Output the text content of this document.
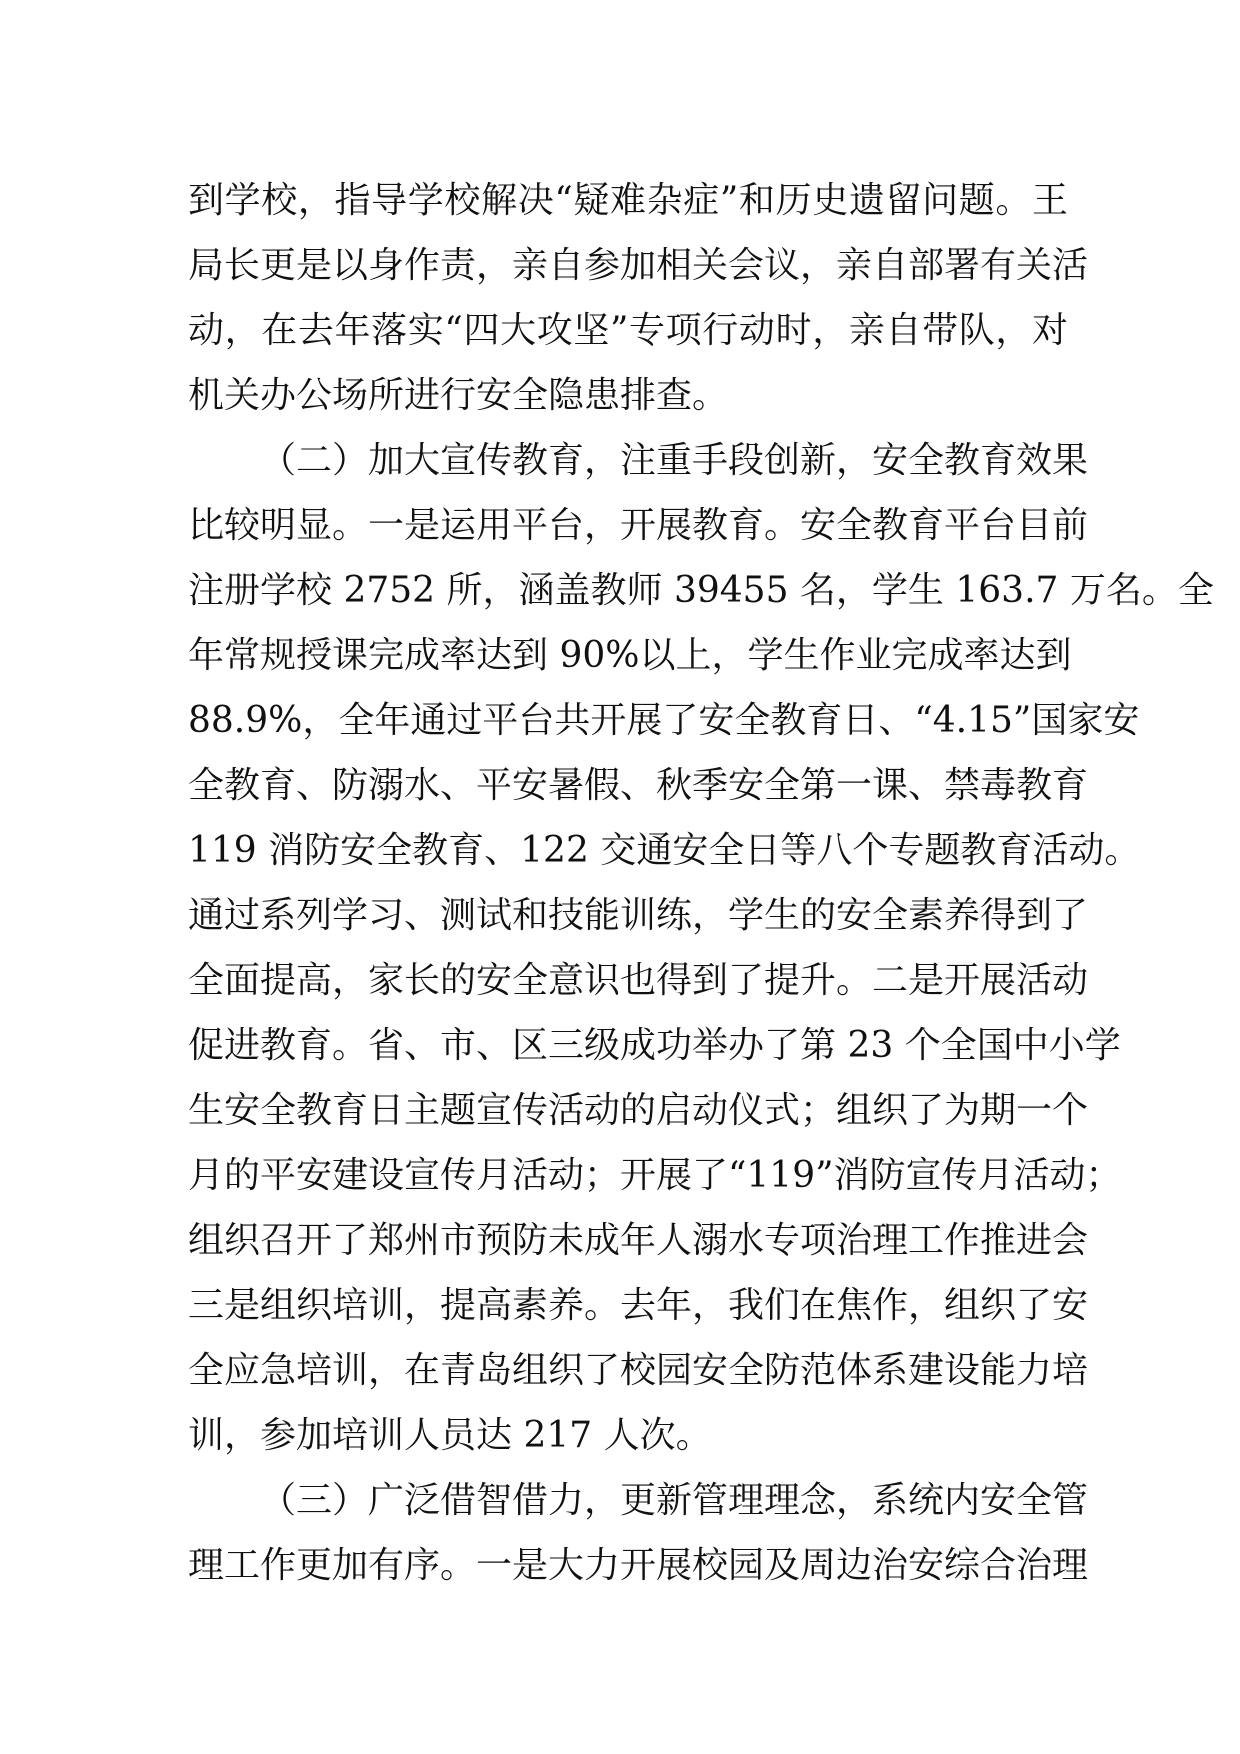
到学校，指导学校解决“疑难杂症”和历史遗留问题。王
局长更是以身作责，亲自参加相关会议，亲自部署有关活
动，在去年落实“四大攻坚”专项行动时，亲自带队，对
机关办公场所进行安全隐患排查。
（二）加大宣传教育，注重手段创新，安全教育效果
比较明显。一是运用平台，开展教育。安全教育平台目前
注册学校 2752 所，涵盖教师 39455 名，学生 163.7 万名。全
年常规授课完成率达到 90%以上，学生作业完成率达到
88.9%，全年通过平台共开展了安全教育日、“4.15”国家安
全教育、防溺水、平安暑假、秋季安全第一课、禁毒教育
119 消防安全教育、122 交通安全日等八个专题教育活动。
通过系列学习、测试和技能训练，学生的安全素养得到了
全面提高，家长的安全意识也得到了提升。二是开展活动
促进教育。省、市、区三级成功举办了第 23 个全国中小学
生安全教育日主题宣传活动的启动仪式；组织了为期一个
月的平安建设宣传月活动；开展了“119”消防宣传月活动；
组织召开了郑州市预防未成年人溺水专项治理工作推进会
三是组织培训，提高素养。去年，我们在焦作，组织了安
全应急培训，在青岛组织了校园安全防范体系建设能力培
训，参加培训人员达 217 人次。
（三）广泛借智借力，更新管理理念，系统内安全管
理工作更加有序。一是大力开展校园及周边治安综合治理
